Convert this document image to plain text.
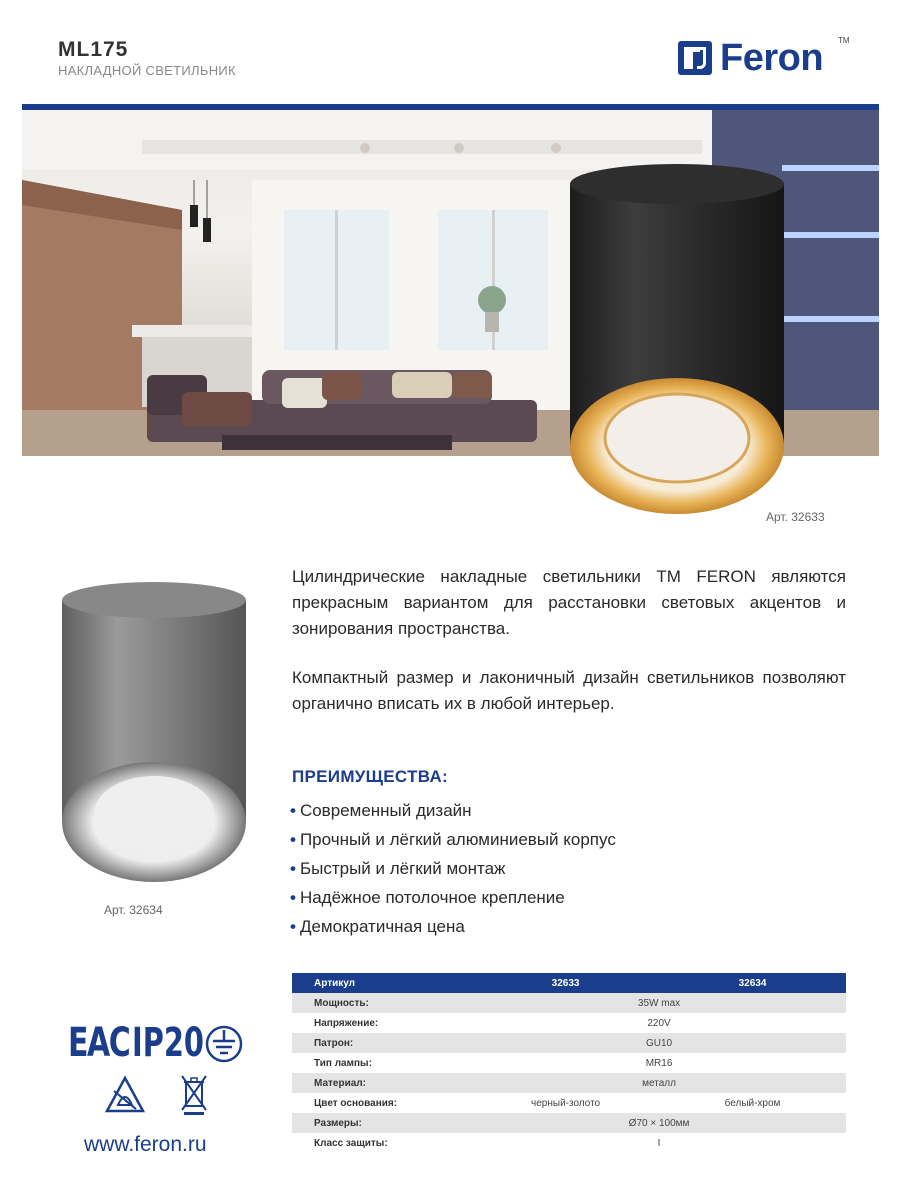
ML175
НАКЛАДНОЙ СВЕТИЛЬНИК	Feron TM
Арт. 32633
Арт. 32634
Цилиндрические накладные светильники ТМ FERON являются прекрасным вариантом для расстановки световых акцентов и зонирования пространства.
Компактный размер и лаконичный дизайн светильников позволяют органично вписать их в любой интерьер.
ПРЕИМУЩЕСТВА:
• Современный дизайн
• Прочный и лёгкий алюминиевый корпус
• Быстрый и лёгкий монтаж
• Надёжное потолочное крепление
• Демократичная цена
Артикул	32633	32634
Мощность:	35W max	
Напряжение:	220V	
Патрон:	GU10	
Тип лампы:	MR16	
Материал:	металл	
Цвет основания:	черный-золото	белый-хром
Размеры:	Ø70 × 100мм	
Класс защиты:	I	
EAC IP20
www.feron.ru
